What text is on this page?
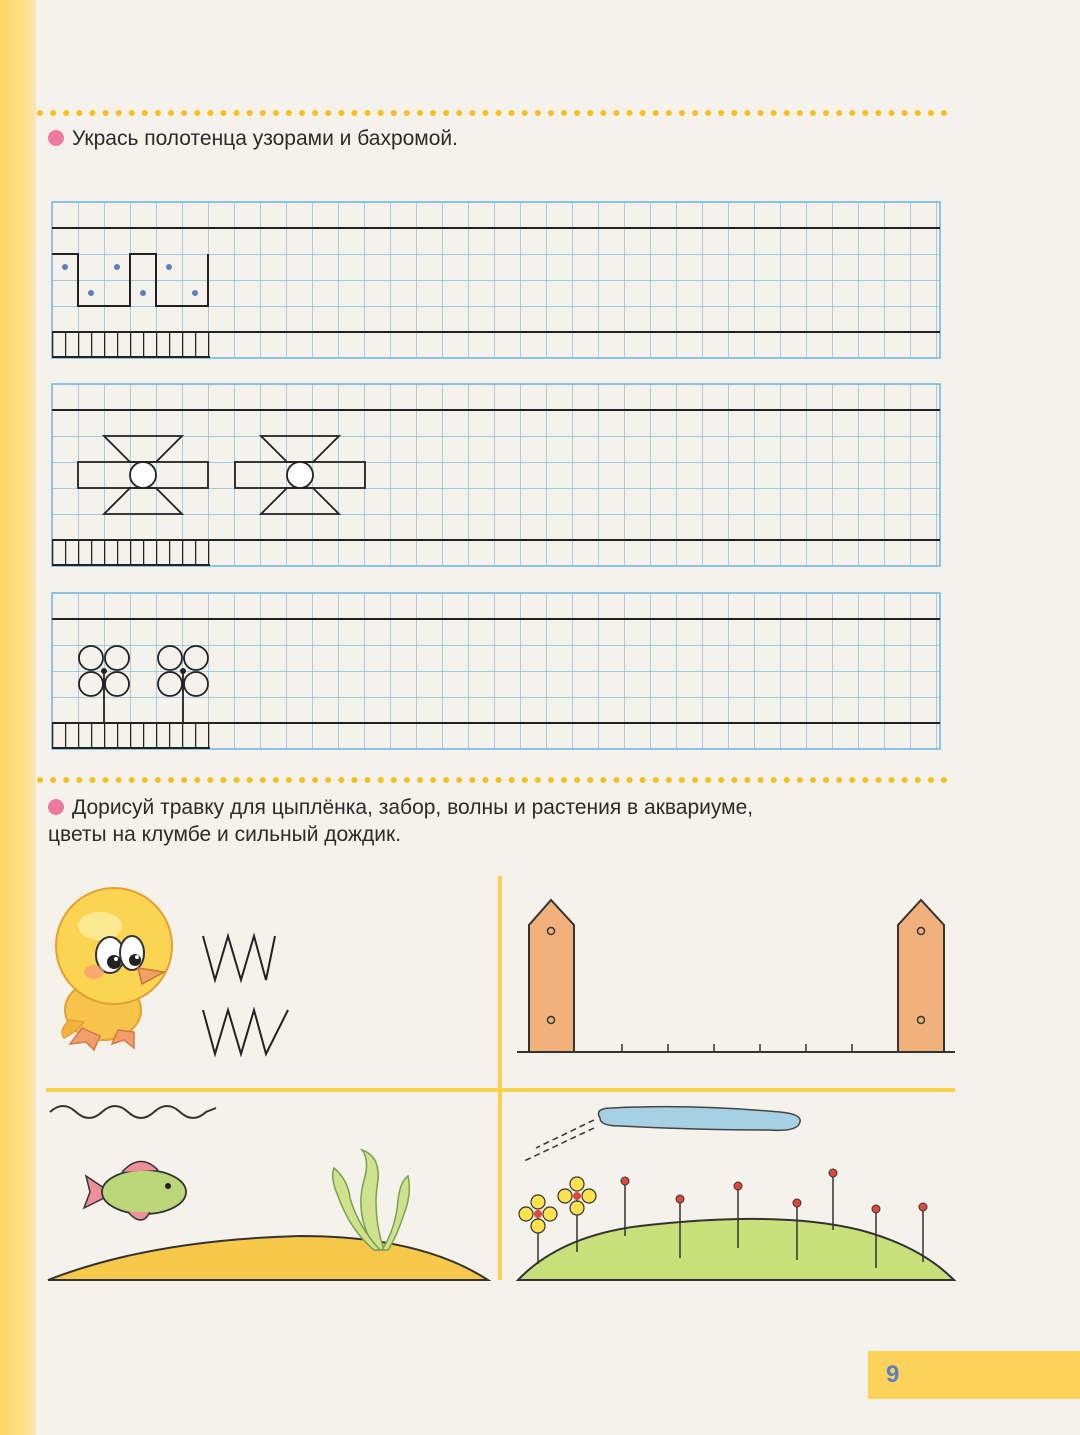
Укрась полотенца узорами и бахромой.
Дорисуй травку для цыплёнка, забор, волны и растения в аквариуме,
цветы на клумбе и сильный дождик.
9
